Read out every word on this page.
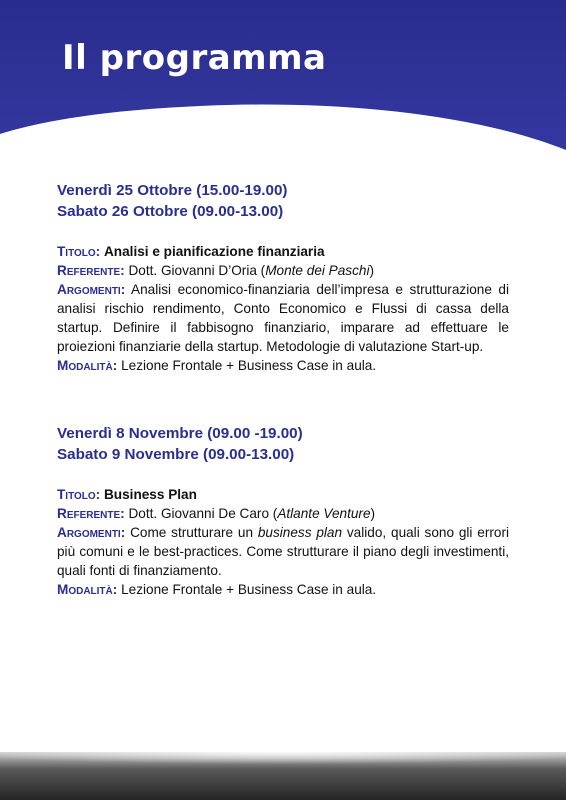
Il programma
Venerdì 25 Ottobre (15.00-19.00)
Sabato 26 Ottobre (09.00-13.00)
Titolo: Analisi e pianificazione finanziaria
Referente: Dott. Giovanni D’Oria (Monte dei Paschi)
Argomenti: Analisi economico-finanziaria dell’impresa e strutturazione di analisi rischio rendimento, Conto Economico e Flussi di cassa della startup. Definire il fabbisogno finanziario, imparare ad effettuare le proiezioni finanziarie della startup. Metodologie di valutazione Start-up.
Modalità: Lezione Frontale + Business Case in aula.
Venerdì 8 Novembre (09.00 -19.00)
Sabato 9 Novembre (09.00-13.00)
Titolo: Business Plan
Referente: Dott. Giovanni De Caro (Atlante Venture)
Argomenti: Come strutturare un business plan valido, quali sono gli errori più comuni e le best-practices. Come strutturare il piano degli investimenti, quali fonti di finanziamento.
Modalità: Lezione Frontale + Business Case in aula.
